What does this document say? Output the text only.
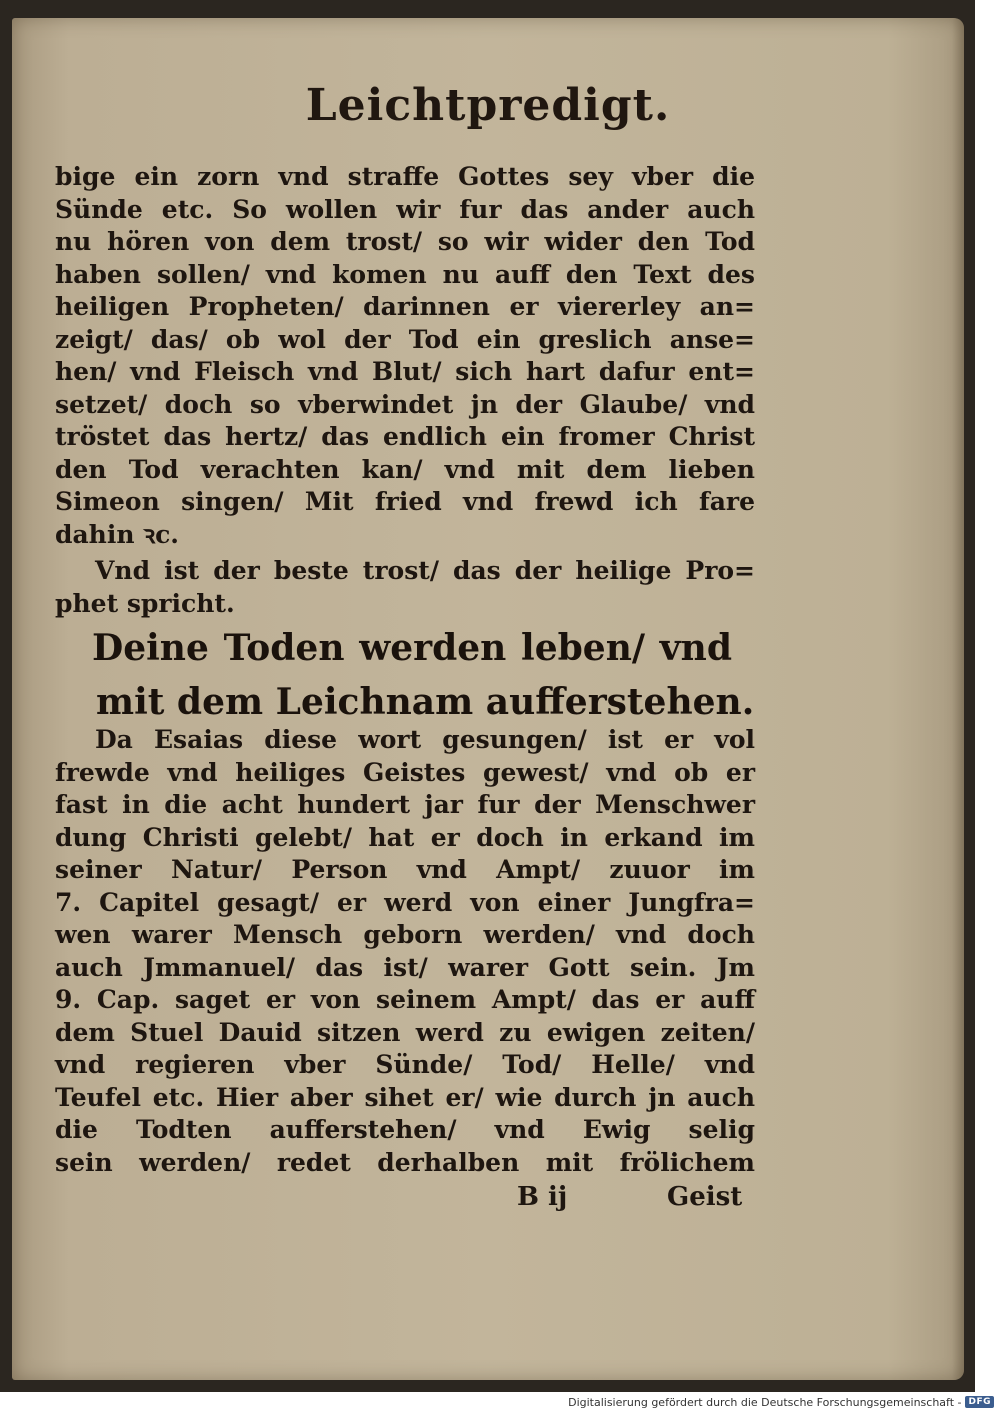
Leichtpredigt.
bige ein zorn vnd straffe Gottes sey vber die
Sünde etc. So wollen wir fur das ander auch
nu hören von dem trost/ so wir wider den Tod
haben sollen/ vnd komen nu auff den Text des
heiligen Propheten/ darinnen er viererley an=
zeigt/ das/ ob wol der Tod ein greslich anse=
hen/ vnd Fleisch vnd Blut/ sich hart dafur ent=
setzet/ doch so vberwindet jn der Glaube/ vnd
tröstet das hertz/ das endlich ein fromer Christ
den Tod verachten kan/ vnd mit dem lieben
Simeon singen/ Mit fried vnd frewd ich fare
dahin ꝛc.
Vnd ist der beste trost/ das der heilige Pro=
phet spricht.
Deine Toden werden leben/ vnd
mit dem Leichnam aufferstehen.
Da Esaias diese wort gesungen/ ist er vol
frewde vnd heiliges Geistes gewest/ vnd ob er
fast in die acht hundert jar fur der Menschwer
dung Christi gelebt/ hat er doch in erkand im
seiner Natur/ Person vnd Ampt/ zuuor im
7. Capitel gesagt/ er werd von einer Jungfra=
wen warer Mensch geborn werden/ vnd doch
auch Jmmanuel/ das ist/ warer Gott sein. Jm
9. Cap. saget er von seinem Ampt/ das er auff
dem Stuel Dauid sitzen werd zu ewigen zeiten/
vnd regieren vber Sünde/ Tod/ Helle/ vnd
Teufel etc. Hier aber sihet er/ wie durch jn auch
die Todten aufferstehen/ vnd Ewig selig
sein werden/ redet derhalben mit frölichem
B ij	Geist
Digitalisierung gefördert durch die Deutsche Forschungsgemeinschaft - DFG
